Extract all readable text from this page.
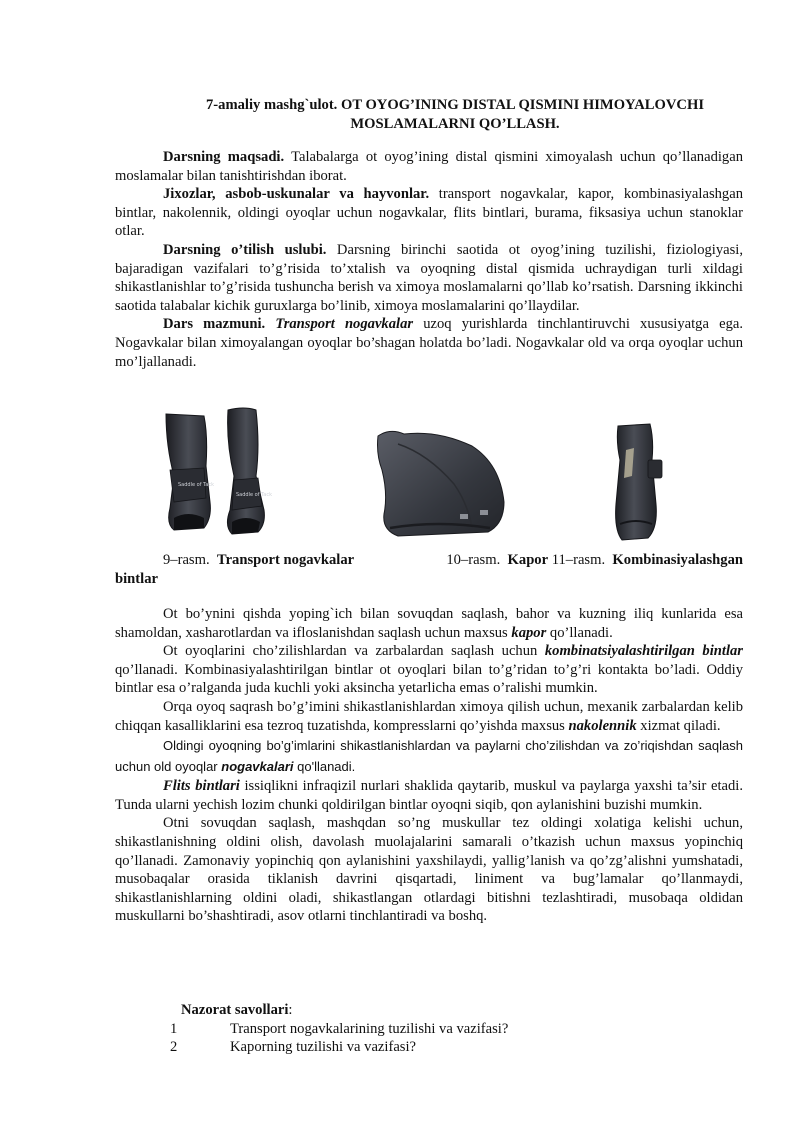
7-amaliy mashg`ulot. OT OYOG’INING DISTAL QISMINI HIMOYALOVCHI
MOSLAMALARNI QO’LLASH.

Darsning maqsadi. Talabalarga ot oyog’ining distal qismini ximoyalash uchun qo’llanadigan moslamalar bilan tanishtirishdan iborat.

Jixozlar, asbob-uskunalar va hayvonlar. transport nogavkalar, kapor, kombinasiyalashgan bintlar, nakolennik, oldingi oyoqlar uchun nogavkalar, flits bintlari, burama, fiksasiya uchun stanoklar otlar.

Darsning o’tilish uslubi. Darsning birinchi saotida ot oyog’ining tuzilishi, fiziologiyasi, bajaradigan vazifalari to’g’risida to’xtalish va oyoqning distal qismida uchraydigan turli xildagi shikastlanishlar to’g’risida tushuncha berish va ximoya moslamalarni qo’llab ko’rsatish. Darsning ikkinchi saotida talabalar kichik guruxlarga bo’linib, ximoya moslamalarini qo’llaydilar.

Dars mazmuni. Transport nogavkalar uzoq yurishlarda tinchlantiruvchi xususiyatga ega. Nogavkalar bilan ximoyalangan oyoqlar bo’shagan holatda bo’ladi. Nogavkalar old va orqa oyoqlar uchun mo’ljallanadi.

Saddle of Tack
Saddle of Tack
9–rasm. Transport nogavkalar	10–rasm. Kapor 11–rasm. Kombinasiyalashgan
bintlar

Ot bo’ynini qishda yoping`ich bilan sovuqdan saqlash, bahor va kuzning iliq kunlarida esa shamoldan, xasharotlardan va ifloslanishdan saqlash uchun maxsus kapor qo’llanadi.

Ot oyoqlarini cho’zilishlardan va zarbalardan saqlash uchun kombinatsiyalashtirilgan bintlar qo’llanadi. Kombinasiyalashtirilgan bintlar ot oyoqlari bilan to’g’ridan to’g’ri kontakta bo’ladi. Oddiy bintlar esa o’ralganda juda kuchli yoki aksincha yetarlicha emas o’ralishi mumkin.

Orqa oyoq saqrash bo’g’imini shikastlanishlardan ximoya qilish uchun, mexanik zarbalardan kelib chiqqan kasalliklarini esa tezroq tuzatishda, kompresslarni qo’yishda maxsus nakolennik xizmat qiladi.

Oldingi oyoqning bo’g’imlarini shikastlanishlardan va paylarni cho’zilishdan va zo’riqishdan saqlash uchun old oyoqlar nogavkalari qo'llanadi.

Flits bintlari issiqlikni infraqizil nurlari shaklida qaytarib, muskul va paylarga yaxshi ta’sir etadi. Tunda ularni yechish lozim chunki qoldirilgan bintlar oyoqni siqib, qon aylanishini buzishi mumkin.

Otni sovuqdan saqlash, mashqdan so’ng muskullar tez oldingi xolatiga kelishi uchun, shikastlanishning oldini olish, davolash muolajalarini samarali o’tkazish uchun maxsus yopinchiq qo’llanadi. Zamonaviy yopinchiq qon aylanishini yaxshilaydi, yallig’lanish va qo’zg’alishni yumshatadi, musobaqalar orasida tiklanish davrini qisqartadi, liniment va bug’lamalar qo’llanmaydi, shikastlanishlarning oldini oladi, shikastlangan otlardagi bitishni tezlashtiradi, musobaqa oldidan muskullarni bo’shashtiradi, asov otlarni tinchlantiradi va boshq.

Nazorat savollari:
1	Transport nogavkalarining tuzilishi va vazifasi?
2	Kaporning tuzilishi va vazifasi?
